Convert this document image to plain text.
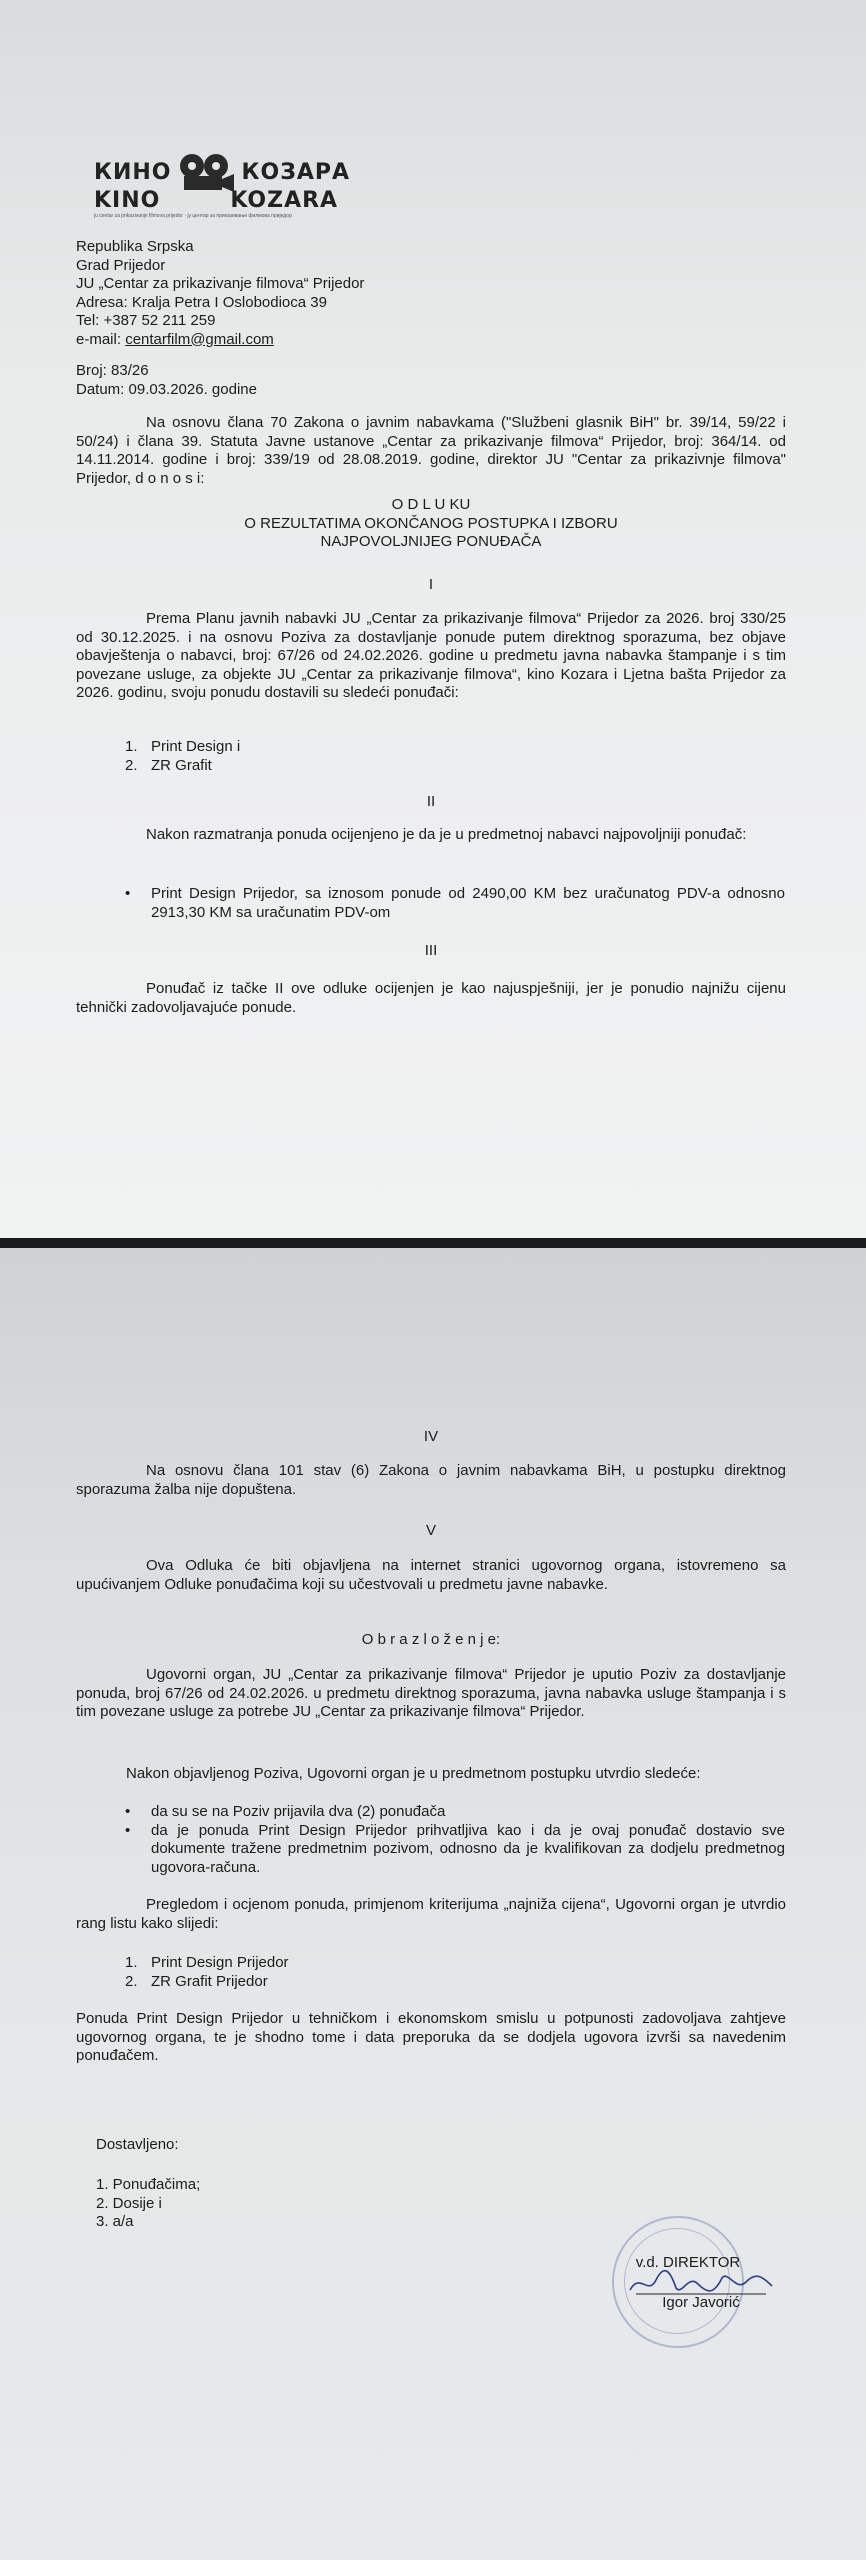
КИНО	КОЗАРА
KINO	KOZARA
ju centar za prikazivanje filmova prijedor · ју центар за приказивање филмова приједор
Republika Srpska
Grad Prijedor
JU „Centar za prikazivanje filmova“ Prijedor
Adresa: Kralja Petra I Oslobodioca 39
Tel: +387 52 211 259
e-mail: centarfilm@gmail.com
Broj: 83/26
Datum: 09.03.2026. godine
Na osnovu člana 70 Zakona o javnim nabavkama ("Službeni glasnik BiH" br. 39/14, 59/22 i 50/24) i člana 39. Statuta Javne ustanove „Centar za prikazivanje filmova“ Prijedor, broj: 364/14. od 14.11.2014. godine i broj: 339/19 od 28.08.2019. godine, direktor JU "Centar za prikazivnje filmova" Prijedor, d o n o s i:
O D L U KU
O REZULTATIMA OKONČANOG POSTUPKA I IZBORU
NAJPOVOLJNIJEG PONUĐAČA
I
Prema Planu javnih nabavki JU „Centar za prikazivanje filmova“ Prijedor za 2026. broj 330/25 od 30.12.2025. i na osnovu Poziva za dostavljanje ponude putem direktnog sporazuma, bez objave obavještenja o nabavci, broj: 67/26 od 24.02.2026. godine u predmetu javna nabavka štampanje i s tim povezane usluge, za objekte JU „Centar za prikazivanje filmova“, kino Kozara i Ljetna bašta Prijedor za 2026. godinu, svoju ponudu dostavili su sledeći ponuđači:
1. Print Design i
2. ZR Grafit
II
Nakon razmatranja ponuda ocijenjeno je da je u predmetnoj nabavci najpovoljniji ponuđač:
• Print Design Prijedor, sa iznosom ponude od 2490,00 KM bez uračunatog PDV-a odnosno 2913,30 KM sa uračunatim PDV-om
III
Ponuđač iz tačke II ove odluke ocijenjen je kao najuspješniji, jer je ponudio najnižu cijenu tehnički zadovoljavajuće ponude.
IV
Na osnovu člana 101 stav (6) Zakona o javnim nabavkama BiH, u postupku direktnog sporazuma žalba nije dopuštena.
V
Ova Odluka će biti objavljena na internet stranici ugovornog organa, istovremeno sa upućivanjem Odluke ponuđačima koji su učestvovali u predmetu javne nabavke.
O b r a z l o ž e n j e:
Ugovorni organ, JU „Centar za prikazivanje filmova“ Prijedor je uputio Poziv za dostavljanje ponuda, broj 67/26 od 24.02.2026. u predmetu direktnog sporazuma, javna nabavka usluge štampanja i s tim povezane usluge za potrebe JU „Centar za prikazivanje filmova“ Prijedor.
Nakon objavljenog Poziva, Ugovorni organ je u predmetnom postupku utvrdio sledeće:
• da su se na Poziv prijavila dva (2) ponuđača
• da je ponuda Print Design Prijedor prihvatljiva kao i da je ovaj ponuđač dostavio sve dokumente tražene predmetnim pozivom, odnosno da je kvalifikovan za dodjelu predmetnog ugovora-računa.
Pregledom i ocjenom ponuda, primjenom kriterijuma „najniža cijena“, Ugovorni organ je utvrdio rang listu kako slijedi:
1. Print Design Prijedor
2. ZR Grafit Prijedor
Ponuda Print Design Prijedor u tehničkom i ekonomskom smislu u potpunosti zadovoljava zahtjeve ugovornog organa, te je shodno tome i data preporuka da se dodjela ugovora izvrši sa navedenim ponuđačem.
Dostavljeno:
1. Ponuđačima;
2. Dosije i
3. a/a
v.d. DIREKTOR
Igor Javorić
